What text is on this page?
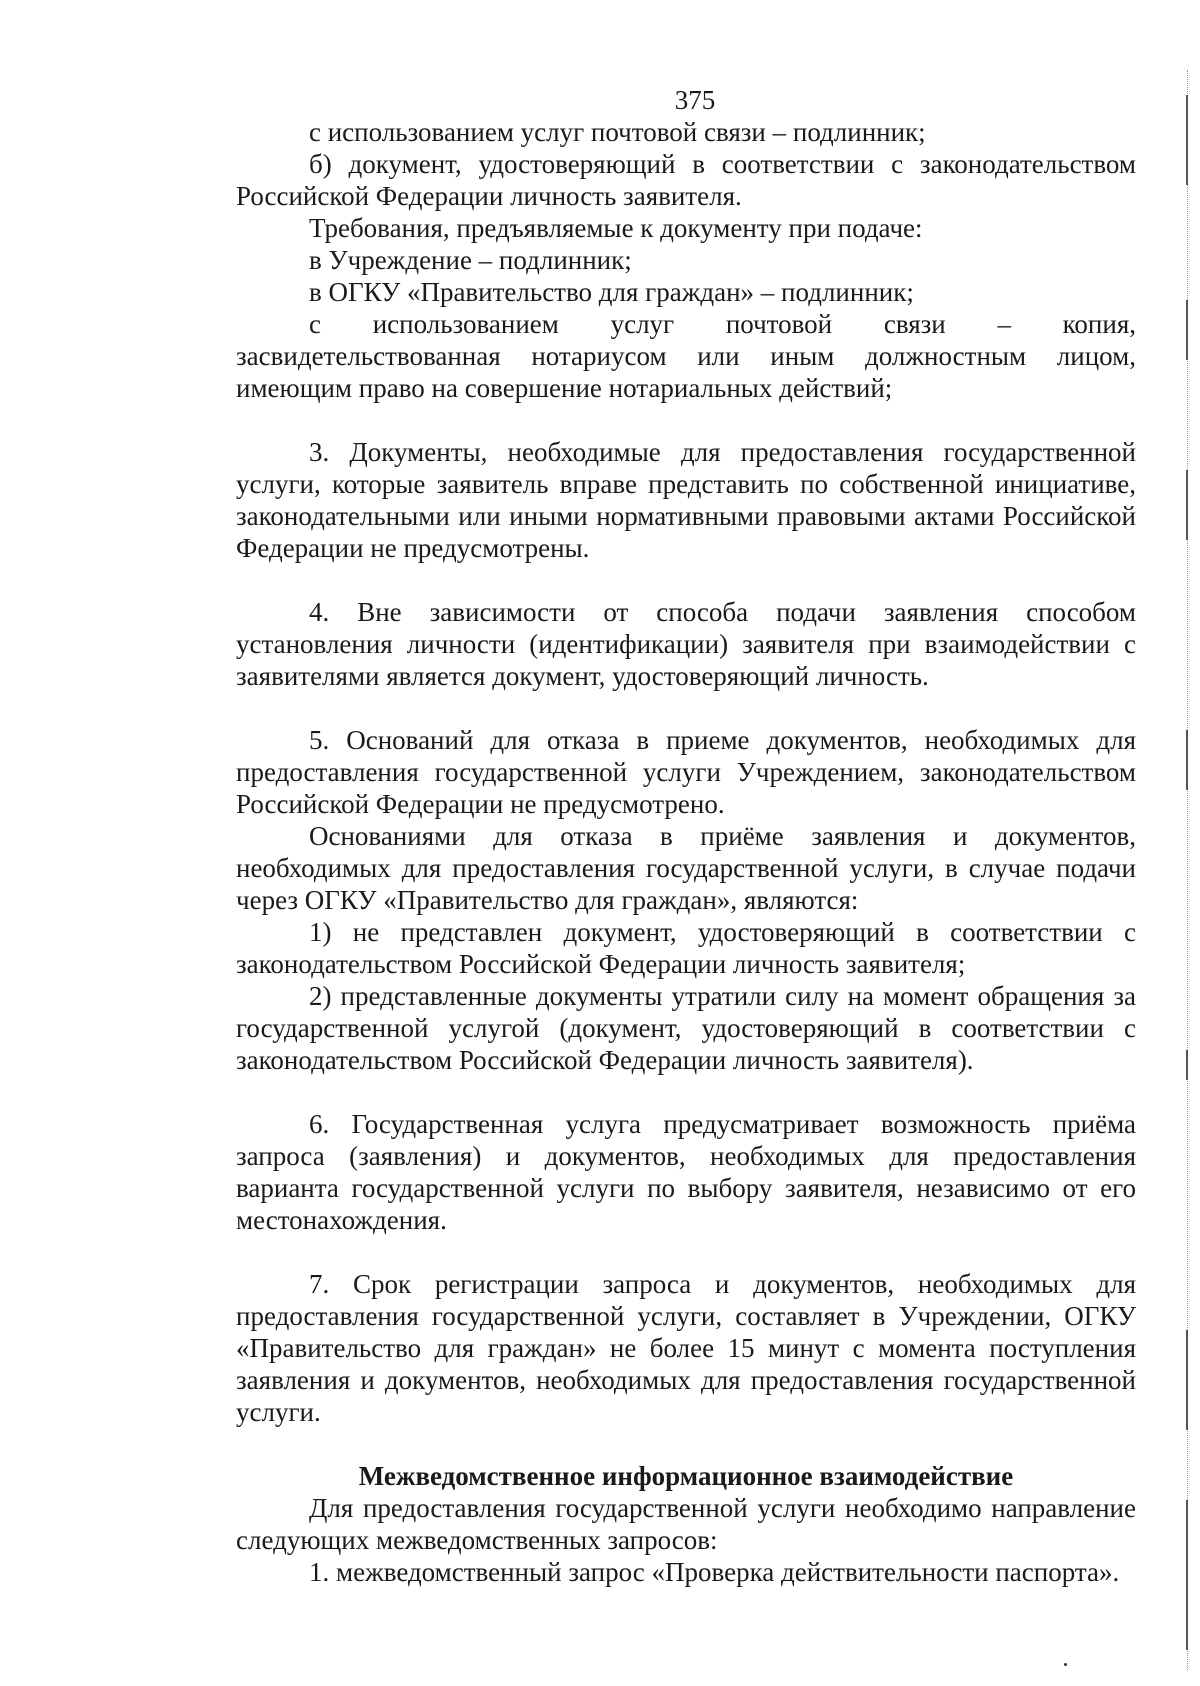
375

с использованием услуг почтовой связи – подлинник;

б) документ, удостоверяющий в соответствии с законодательством Российской Федерации личность заявителя.

Требования, предъявляемые к документу при подаче:

в Учреждение – подлинник;

в ОГКУ «Правительство для граждан» – подлинник;

с использованием услуг почтовой связи – копия, засвидетельствованная нотариусом или иным должностным лицом, имеющим право на совершение нотариальных действий;

3. Документы, необходимые для предоставления государственной услуги, которые заявитель вправе представить по собственной инициативе, законодательными или иными нормативными правовыми актами Российской Федерации не предусмотрены.

4. Вне зависимости от способа подачи заявления способом установления личности (идентификации) заявителя при взаимодействии с заявителями является документ, удостоверяющий личность.

5. Оснований для отказа в приеме документов, необходимых для предоставления государственной услуги Учреждением, законодательством Российской Федерации не предусмотрено.

Основаниями для отказа в приёме заявления и документов, необходимых для предоставления государственной услуги, в случае подачи через ОГКУ «Правительство для граждан», являются:

1) не представлен документ, удостоверяющий в соответствии с законодательством Российской Федерации личность заявителя;

2) представленные документы утратили силу на момент обращения за государственной услугой (документ, удостоверяющий в соответствии с законодательством Российской Федерации личность заявителя).

6. Государственная услуга предусматривает возможность приёма запроса (заявления) и документов, необходимых для предоставления варианта государственной услуги по выбору заявителя, независимо от его местонахождения.

7. Срок регистрации запроса и документов, необходимых для предоставления государственной услуги, составляет в Учреждении, ОГКУ «Правительство для граждан» не более 15 минут с момента поступления заявления и документов, необходимых для предоставления государственной услуги.

Межведомственное информационное взаимодействие

Для предоставления государственной услуги необходимо направление следующих межведомственных запросов:

1. межведомственный запрос «Проверка действительности паспорта».
